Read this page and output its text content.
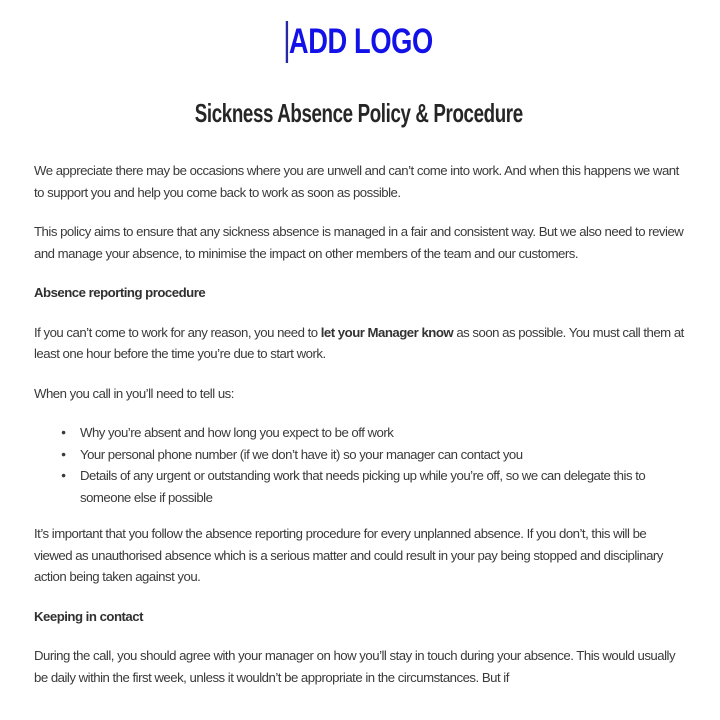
ADD LOGO
Sickness Absence Policy & Procedure

We appreciate there may be occasions where you are unwell and can’t come into work. And when this happens we want to support you and help you come back to work as soon as possible.

This policy aims to ensure that any sickness absence is managed in a fair and consistent way. But we also need to review and manage your absence, to minimise the impact on other members of the team and our customers.

Absence reporting procedure

If you can’t come to work for any reason, you need to let your Manager know as soon as possible. You must call them at least one hour before the time you’re due to start work.

When you call in you’ll need to tell us:

● Why you’re absent and how long you expect to be off work
● Your personal phone number (if we don’t have it) so your manager can contact you
● Details of any urgent or outstanding work that needs picking up while you’re off, so we can delegate this to someone else if possible

It’s important that you follow the absence reporting procedure for every unplanned absence. If you don’t, this will be viewed as unauthorised absence which is a serious matter and could result in your pay being stopped and disciplinary action being taken against you.

Keeping in contact

During the call, you should agree with your manager on how you’ll stay in touch during your absence. This would usually be daily within the first week, unless it wouldn’t be appropriate in the circumstances. But if
